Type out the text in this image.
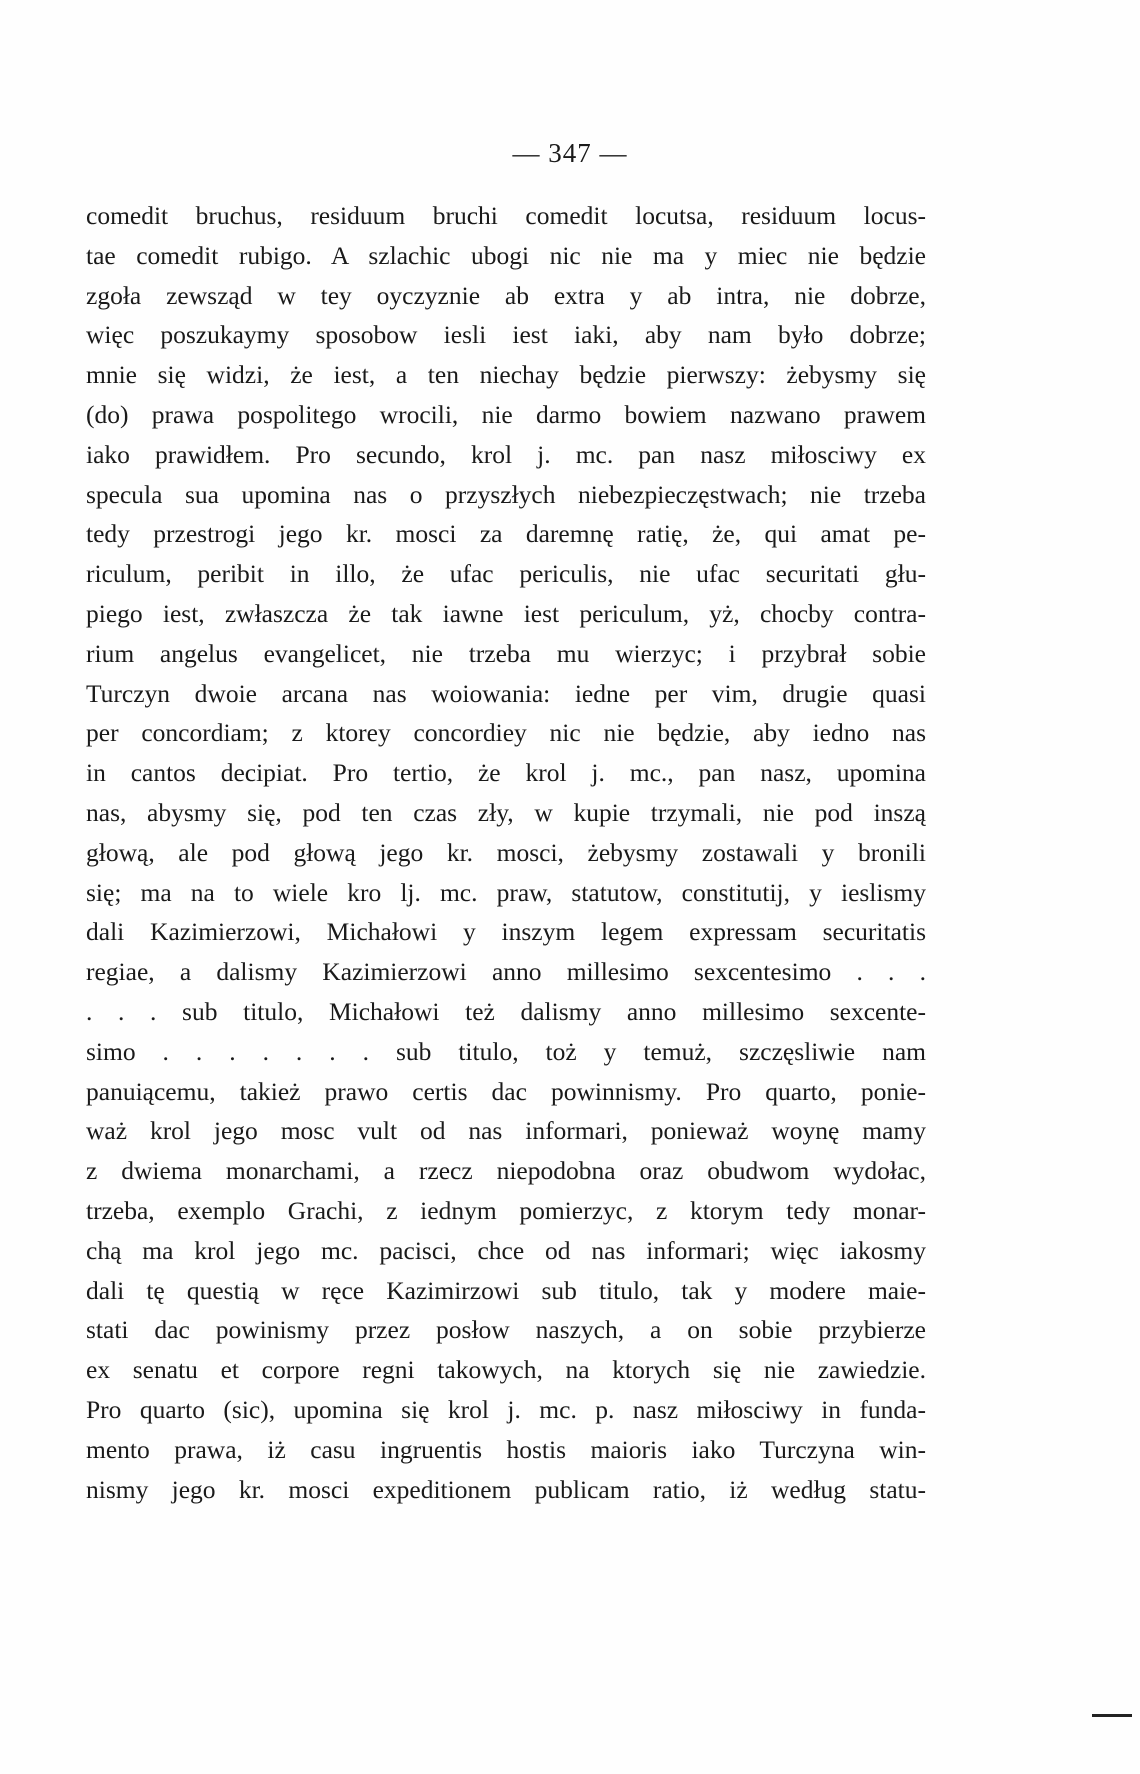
— 347 —
comedit bruchus, residuum bruchi comedit locutsa, residuum locus-
tae comedit rubigo. A szlachic ubogi nic nie ma y miec nie będzie
zgoła zewsząd w tey oyczyznie ab extra y ab intra, nie dobrze,
więc poszukaymy sposobow iesli iest iaki, aby nam było dobrze;
mnie się widzi, że iest, a ten niechay będzie pierwszy: żebysmy się
(do) prawa pospolitego wrocili, nie darmo bowiem nazwano prawem
iako prawidłem. Pro secundo, krol j. mc. pan nasz miłosciwy ex
specula sua upomina nas o przyszłych niebezpieczęstwach; nie trzeba
tedy przestrogi jego kr. mosci za daremnę ratię, że, qui amat pe-
riculum, peribit in illo, że ufac periculis, nie ufac securitati głu-
piego iest, zwłaszcza że tak iawne iest periculum, yż, chocby contra-
rium angelus evangelicet, nie trzeba mu wierzyc; i przybrał sobie
Turczyn dwoie arcana nas woiowania: iedne per vim, drugie quasi
per concordiam; z ktorey concordiey nic nie będzie, aby iedno nas
in cantos decipiat. Pro tertio, że krol j. mc., pan nasz, upomina
nas, abysmy się, pod ten czas zły, w kupie trzymali, nie pod inszą
głową, ale pod głową jego kr. mosci, żebysmy zostawali y bronili
się; ma na to wiele kro lj. mc. praw, statutow, constitutij, y ieslismy
dali Kazimierzowi, Michałowi y inszym legem expressam securitatis
regiae, a dalismy Kazimierzowi anno millesimo sexcentesimo . . .
. . . sub titulo, Michałowi też dalismy anno millesimo sexcente-
simo . . . . . . . sub titulo, toż y temuż, szczęsliwie nam
panuiącemu, takież prawo certis dac powinnismy. Pro quarto, ponie-
waż krol jego mosc vult od nas informari, ponieważ woynę mamy
z dwiema monarchami, a rzecz niepodobna oraz obudwom wydołac,
trzeba, exemplo Grachi, z iednym pomierzyc, z ktorym tedy monar-
chą ma krol jego mc. pacisci, chce od nas informari; więc iakosmy
dali tę questią w ręce Kazimirzowi sub titulo, tak y modere maie-
stati dac powinismy przez posłow naszych, a on sobie przybierze
ex senatu et corpore regni takowych, na ktorych się nie zawiedzie.
Pro quarto (sic), upomina się krol j. mc. p. nasz miłosciwy in funda-
mento prawa, iż casu ingruentis hostis maioris iako Turczyna win-
nismy jego kr. mosci expeditionem publicam ratio, iż według statu-
